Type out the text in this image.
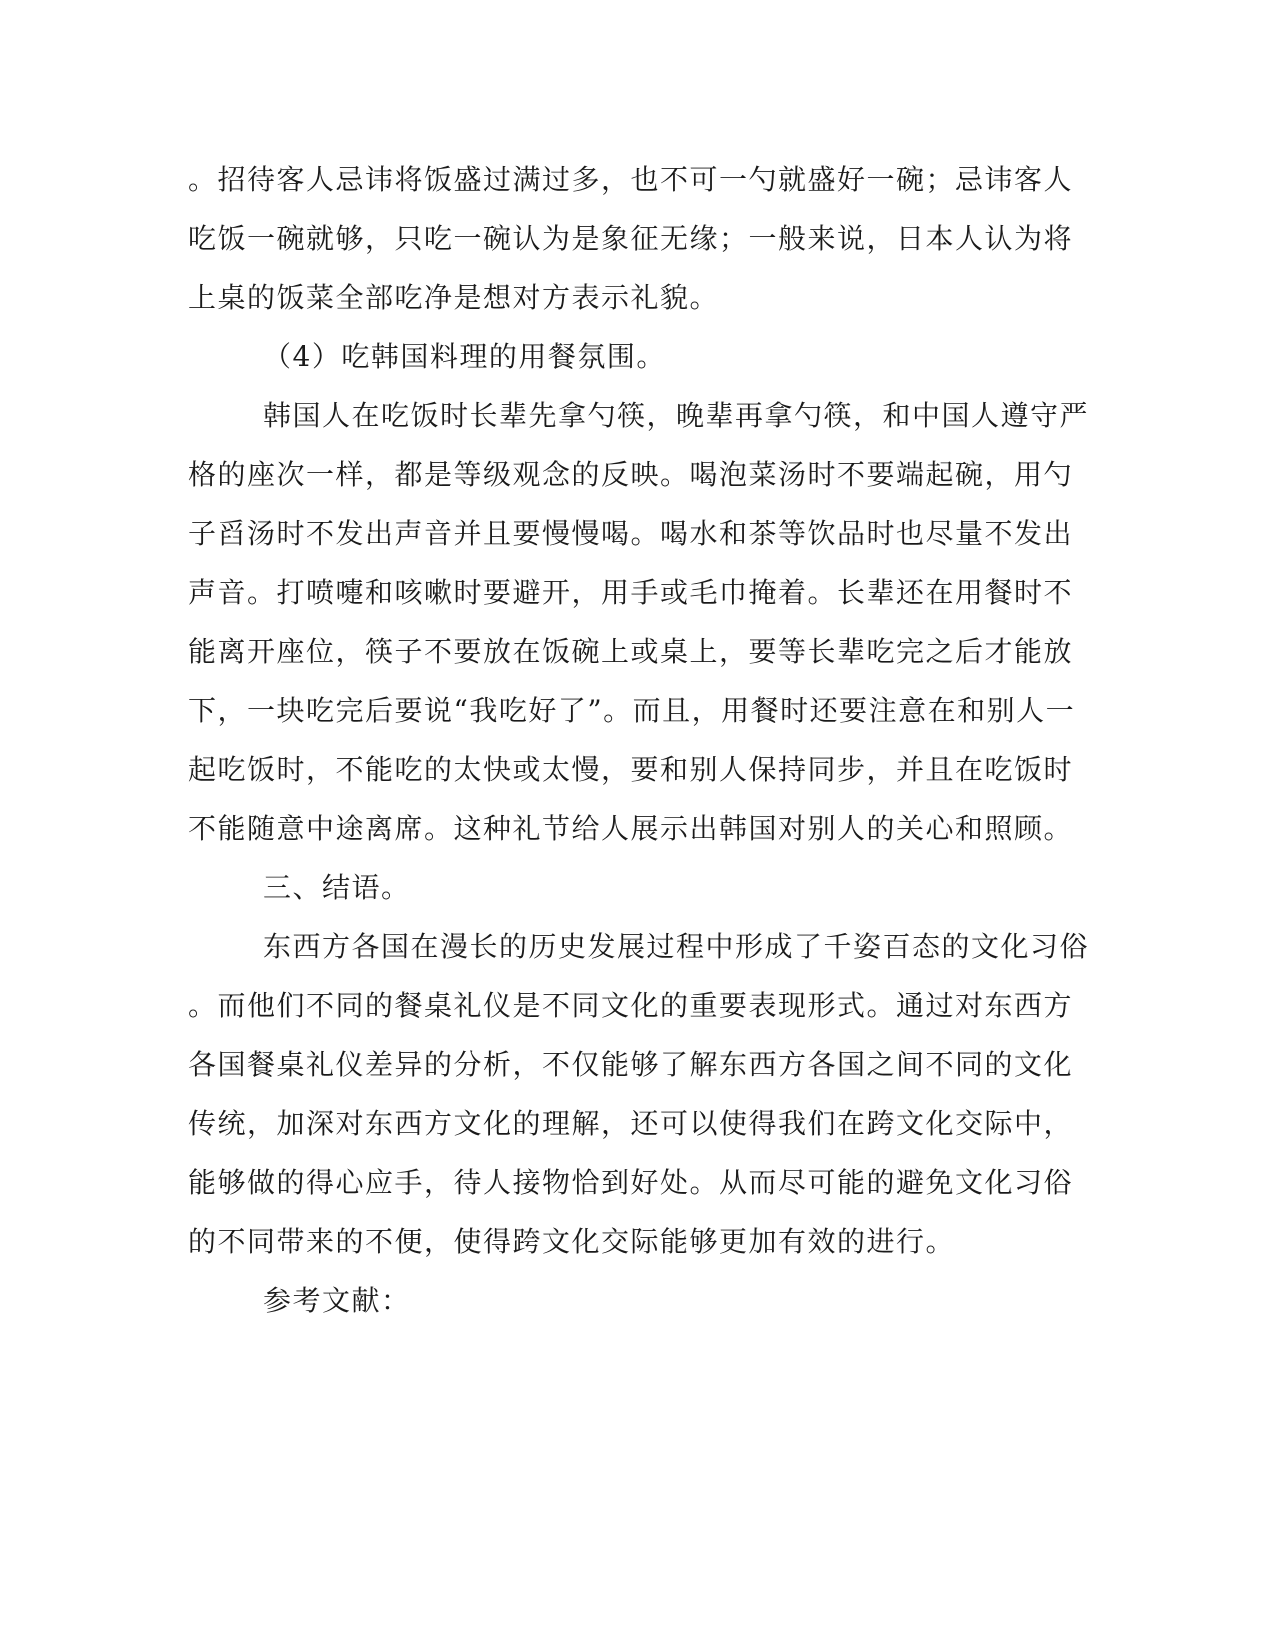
。招待客人忌讳将饭盛过满过多，也不可一勺就盛好一碗；忌讳客人
吃饭一碗就够，只吃一碗认为是象征无缘；一般来说，日本人认为将
上桌的饭菜全部吃净是想对方表示礼貌。
（4）吃韩国料理的用餐氛围。
韩国人在吃饭时长辈先拿勺筷，晚辈再拿勺筷，和中国人遵守严
格的座次一样，都是等级观念的反映。喝泡菜汤时不要端起碗，用勺
子舀汤时不发出声音并且要慢慢喝。喝水和茶等饮品时也尽量不发出
声音。打喷嚏和咳嗽时要避开，用手或毛巾掩着。长辈还在用餐时不
能离开座位，筷子不要放在饭碗上或桌上，要等长辈吃完之后才能放
下，一块吃完后要说“我吃好了”。而且，用餐时还要注意在和别人一
起吃饭时，不能吃的太快或太慢，要和别人保持同步，并且在吃饭时
不能随意中途离席。这种礼节给人展示出韩国对别人的关心和照顾。
三、结语。
东西方各国在漫长的历史发展过程中形成了千姿百态的文化习俗
。而他们不同的餐桌礼仪是不同文化的重要表现形式。通过对东西方
各国餐桌礼仪差异的分析，不仅能够了解东西方各国之间不同的文化
传统，加深对东西方文化的理解，还可以使得我们在跨文化交际中，
能够做的得心应手，待人接物恰到好处。从而尽可能的避免文化习俗
的不同带来的不便，使得跨文化交际能够更加有效的进行。
参考文献：
